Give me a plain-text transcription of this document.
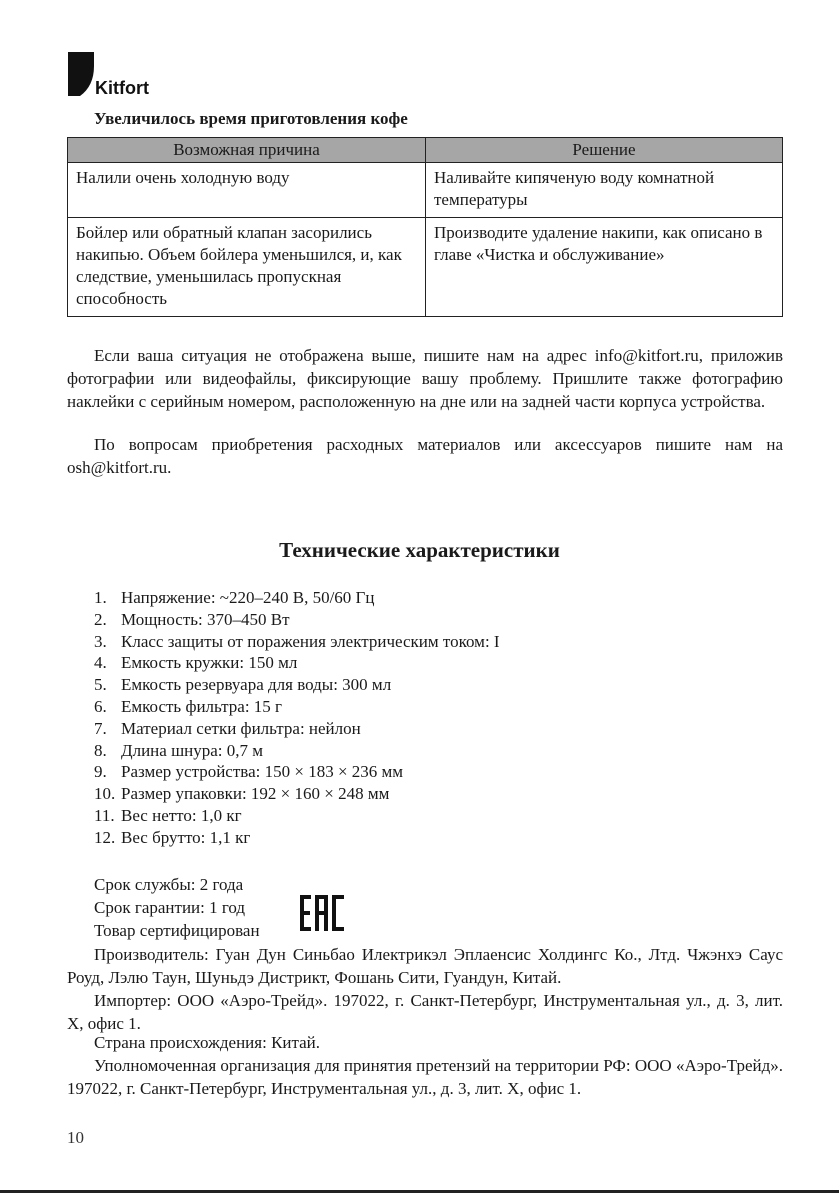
Kitfort
Увеличилось время приготовления кофе
Возможная причина	Решение
Налили очень холодную воду	Наливайте кипяченую воду комнатной температуры
Бойлер или обратный клапан засорились накипью. Объем бойлера уменьшился, и, как следствие, уменьшилась пропускная способность	Производите удаление накипи, как описано в главе «Чистка и обслуживание»

Если ваша ситуация не отображена выше, пишите нам на адрес info@kitfort.ru, приложив фотографии или видеофайлы, фиксирующие вашу проблему. Пришлите также фотографию наклейки с серийным номером, расположенную на дне или на задней части корпуса устройства.

По вопросам приобретения расходных материалов или аксессуаров пишите нам на osh@kitfort.ru.

Технические характеристики
1. Напряжение: ~220–240 В, 50/60 Гц
2. Мощность: 370–450 Вт
3. Класс защиты от поражения электрическим током: I
4. Емкость кружки: 150 мл
5. Емкость резервуара для воды: 300 мл
6. Емкость фильтра: 15 г
7. Материал сетки фильтра: нейлон
8. Длина шнура: 0,7 м
9. Размер устройства: 150 × 183 × 236 мм
10. Размер упаковки: 192 × 160 × 248 мм
11. Вес нетто: 1,0 кг
12. Вес брутто: 1,1 кг
Срок службы: 2 года
Срок гарантии: 1 год
Товар сертифицирован

Производитель: Гуан Дун Синьбао Илектрикэл Эплаенсис Холдингс Ко., Лтд. Чжэнхэ Саус Роуд, Лэлю Таун, Шуньдэ Дистрикт, Фошань Сити, Гуандун, Китай.

Импортер: ООО «Аэро-Трейд». 197022, г. Санкт-Петербург, Инструментальная ул., д. 3, лит. Х, офис 1.

Страна происхождения: Китай.

Уполномоченная организация для принятия претензий на территории РФ: ООО «Аэро-Трейд». 197022, г. Санкт-Петербург, Инструментальная ул., д. 3, лит. Х, офис 1.

10
